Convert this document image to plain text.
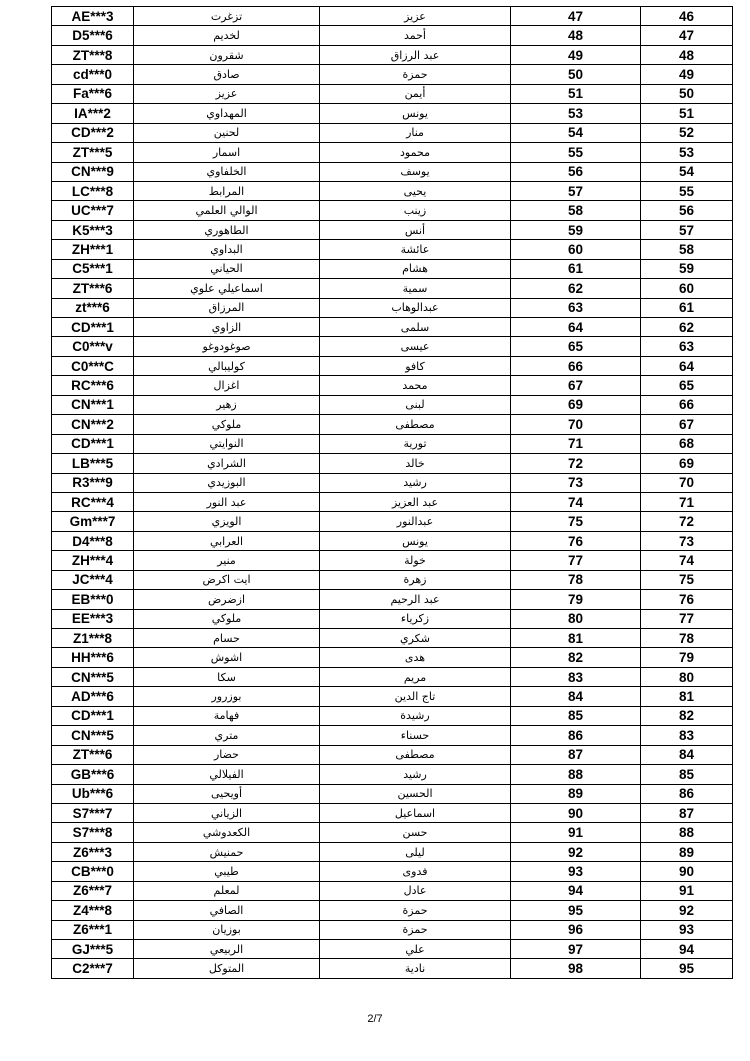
46	47	عزيز	تزغرت	AE***3
47	48	أحمد	لخديم	D5***6
48	49	عبد الرزاق	شقرون	ZT***8
49	50	حمزة	صادق	cd***0
50	51	أيمن	عزيز	Fa***6
51	53	يونس	المهداوي	IA***2
52	54	منار	لحنين	CD***2
53	55	محمود	اسمار	ZT***5
54	56	يوسف	الخلفاوي	CN***9
55	57	يحيى	المرابط	LC***8
56	58	زينب	الوالي العلمي	UC***7
57	59	أنس	الطاهوري	K5***3
58	60	عائشة	البداوي	ZH***1
59	61	هشام	الحياني	C5***1
60	62	سمية	اسماعيلي علوي	ZT***6
61	63	عبدالوهاب	المرزاق	zt***6
62	64	سلمى	الزاوي	CD***1
63	65	عيسى	صوغودوغو	C0***v
64	66	كافو	كوليبالي	C0***C
65	67	محمد	اغزال	RC***6
66	69	لبنى	زهير	CN***1
67	70	مصطفى	ملوكي	CN***2
68	71	تورية	النوايتي	CD***1
69	72	خالد	الشرادي	LB***5
70	73	رشيد	البوزيدي	R3***9
71	74	عبد العزيز	عبد النور	RC***4
72	75	عبدالنور	الويزي	Gm***7
73	76	يونس	العرابي	D4***8
74	77	خولة	منير	ZH***4
75	78	زهرة	ايت اكرض	JC***4
76	79	عبد الرحيم	ازضرض	EB***0
77	80	زكرياء	ملوكي	EE***3
78	81	شكري	حسام	Z1***8
79	82	هدى	اشوش	HH***6
80	83	مريم	سكا	CN***5
81	84	تاج الدين	بوزرور	AD***6
82	85	رشيدة	فهامة	CD***1
83	86	حسناء	متري	CN***5
84	87	مصطفى	حضار	ZT***6
85	88	رشيد	الفيلالي	GB***6
86	89	الحسين	أويحيى	Ub***6
87	90	اسماعيل	الزياني	S7***7
88	91	حسن	الكعدوشي	S7***8
89	92	ليلى	حمنيش	Z6***3
90	93	فدوى	طيبي	CB***0
91	94	عادل	لمعلم	Z6***7
92	95	حمزة	الصافي	Z4***8
93	96	حمزة	بوزيان	Z6***1
94	97	علي	الربيعي	GJ***5
95	98	نادية	المتوكل	C2***7
2/7
